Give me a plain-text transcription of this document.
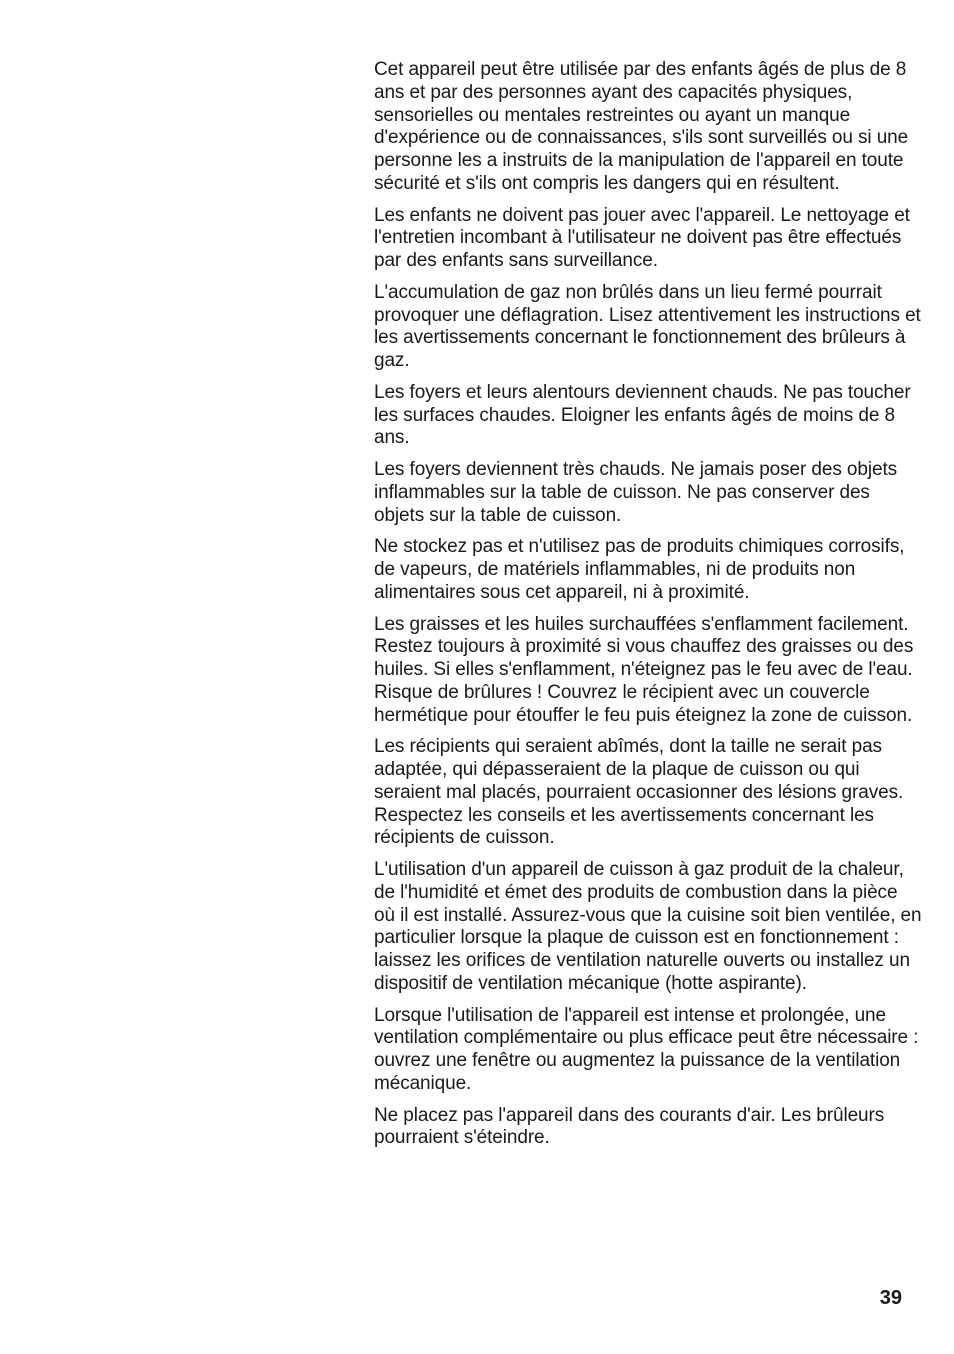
Cet appareil peut être utilisée par des enfants âgés de plus de 8 ans et par des personnes ayant des capacités physiques, sensorielles ou mentales restreintes ou ayant un manque d'expérience ou de connaissances, s'ils sont surveillés ou si une personne les a instruits de la manipulation de l'appareil en toute sécurité et s'ils ont compris les dangers qui en résultent.

Les enfants ne doivent pas jouer avec l'appareil. Le nettoyage et l'entretien incombant à l'utilisateur ne doivent pas être effectués par des enfants sans surveillance.

L'accumulation de gaz non brûlés dans un lieu fermé pourrait provoquer une déflagration. Lisez attentivement les instructions et les avertissements concernant le fonctionnement des brûleurs à gaz.

Les foyers et leurs alentours deviennent chauds. Ne pas toucher les surfaces chaudes. Eloigner les enfants âgés de moins de 8 ans.

Les foyers deviennent très chauds. Ne jamais poser des objets inflammables sur la table de cuisson. Ne pas conserver des objets sur la table de cuisson.

Ne stockez pas et n'utilisez pas de produits chimiques corrosifs, de vapeurs, de matériels inflammables, ni de produits non alimentaires sous cet appareil, ni à proximité.

Les graisses et les huiles surchauffées s'enflamment facilement. Restez toujours à proximité si vous chauffez des graisses ou des huiles. Si elles s'enflamment, n'éteignez pas le feu avec de l'eau. Risque de brûlures ! Couvrez le récipient avec un couvercle hermétique pour étouffer le feu puis éteignez la zone de cuisson.

Les récipients qui seraient abîmés, dont la taille ne serait pas adaptée, qui dépasseraient de la plaque de cuisson ou qui seraient mal placés, pourraient occasionner des lésions graves. Respectez les conseils et les avertissements concernant les récipients de cuisson.

L'utilisation d'un appareil de cuisson à gaz produit de la chaleur, de l'humidité et émet des produits de combustion dans la pièce où il est installé. Assurez-vous que la cuisine soit bien ventilée, en particulier lorsque la plaque de cuisson est en fonctionnement : laissez les orifices de ventilation naturelle ouverts ou installez un dispositif de ventilation mécanique (hotte aspirante).

Lorsque l'utilisation de l'appareil est intense et prolongée, une ventilation complémentaire ou plus efficace peut être nécessaire : ouvrez une fenêtre ou augmentez la puissance de la ventilation mécanique.

Ne placez pas l'appareil dans des courants d'air. Les brûleurs pourraient s'éteindre.

39
